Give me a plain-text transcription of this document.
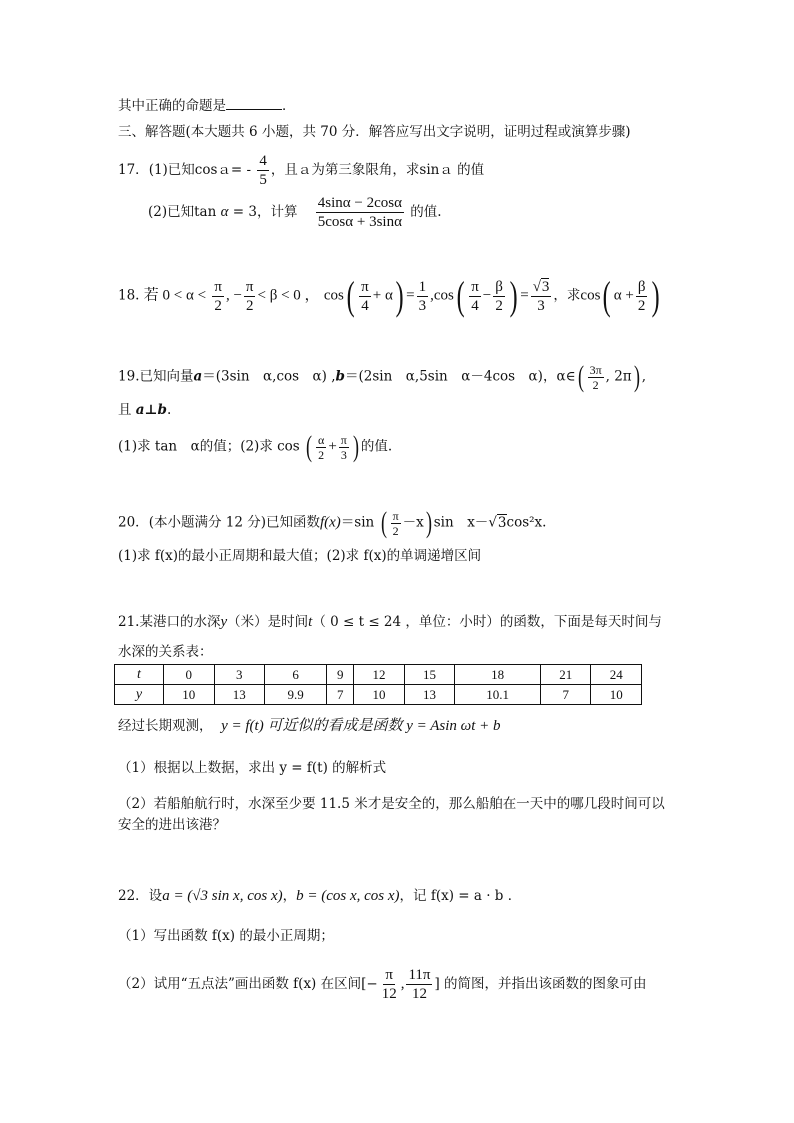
其中正确的命题是	．
三、解答题(本大题共 6 小题，共 70 分．解答应写出文字说明，证明过程或演算步骤)
17．(1)已知cosａ= - $\frac{4}{5}$ ，且ａ为第三象限角，求sinａ 的值
(2)已知tan α = 3，计算 $\frac{4\sin\alpha - 2\cos\alpha}{5\cos\alpha + 3\sin\alpha}$ 的值.
18. 若 $0 < \alpha < \frac{\pi}{2}$ , − $\frac{\pi}{2} < \beta < 0$ ， $\cos( \frac{\pi}{4} + \alpha) = \frac{1}{3} ,\cos( \frac{\pi}{4} - \frac{\beta}{2}$ ) = $\frac{√3}{3}$ ，求cos( $\alpha + \frac{\beta}{2}$ )
19.已知向量a＝(3sin　α,cos　α) ,b＝(2sin　α,5sin　α－4cos　α)，α∈( $\frac{3\pi}{2}$ , 2π) ,
且 a⊥b.
(1)求 tan　α的值；(2)求 cos ( $\frac{\alpha}{2} + \frac{\pi}{3}$ ) 的值.
20．(本小题满分 12 分)已知函数f(x)＝sin ( $\frac{\pi}{2} -x$) sin　x－√3cos²x.
(1)求 f(x)的最小正周期和最大值；(2)求 f(x)的单调递增区间
21.某港口的水深y（米）是时间t（ 0 ≤ t ≤ 24 ，单位：小时）的函数，下面是每天时间与
水深的关系表：
t	0	3	6	9	12	15	18	21	24
y	10	13	9.9	7	10	13	10.1	7	10
经过长期观测， y = f(t) 可近似的看成是函数 y = Asin ωt + b
（1）根据以上数据，求出 y = f(t) 的解析式
（2）若船舶航行时，水深至少要 11.5 米才是安全的，那么船舶在一天中的哪几段时间可以
安全的进出该港？
22．设a = (√3 sin x, cos x)，b = (cos x, cos x)，记 f(x) = a · b ．
（1）写出函数 f(x) 的最小正周期；
（2）试用“五点法”画出函数 f(x) 在区间[− $\frac{\pi}{12}$ , $\frac{11\pi}{12}$ ] 的简图，并指出该函数的图象可由
